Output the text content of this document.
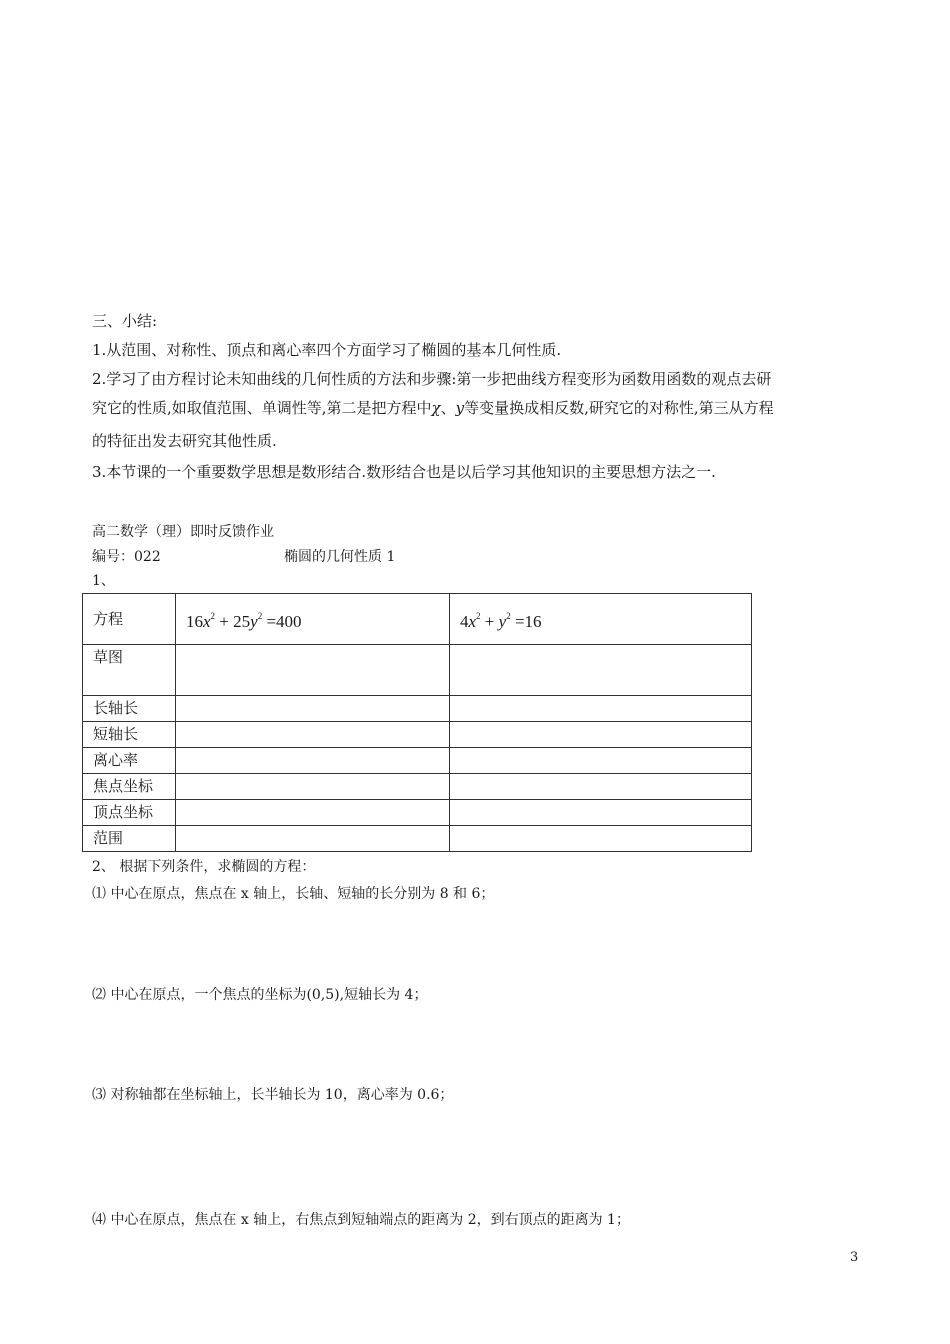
三、小结:
1.从范围、对称性、顶点和离心率四个方面学习了椭圆的基本几何性质.
2.学习了由方程讨论未知曲线的几何性质的方法和步骤:第一步把曲线方程变形为函数用函数的观点去研
究它的性质,如取值范围、单调性等,第二是把方程中χ、y等变量换成相反数,研究它的对称性,第三从方程
的特征出发去研究其他性质.
3.本节课的一个重要数学思想是数形结合.数形结合也是以后学习其他知识的主要思想方法之一.
高二数学（理）即时反馈作业
编号：022	椭圆的几何性质 1
1、
方程	$16x^2 + 25y^2 =400$	$4x^2 + y^2 =16$
草图		
长轴长		
短轴长		
离心率		
焦点坐标		
顶点坐标		
范围		
2、 根据下列条件，求椭圆的方程：
⑴ 中心在原点，焦点在 x 轴上，长轴、短轴的长分别为 8 和 6；
⑵ 中心在原点，一个焦点的坐标为(0,5),短轴长为 4；
⑶ 对称轴都在坐标轴上，长半轴长为 10，离心率为 0.6；
⑷ 中心在原点，焦点在 x 轴上，右焦点到短轴端点的距离为 2，到右顶点的距离为 1；
3
